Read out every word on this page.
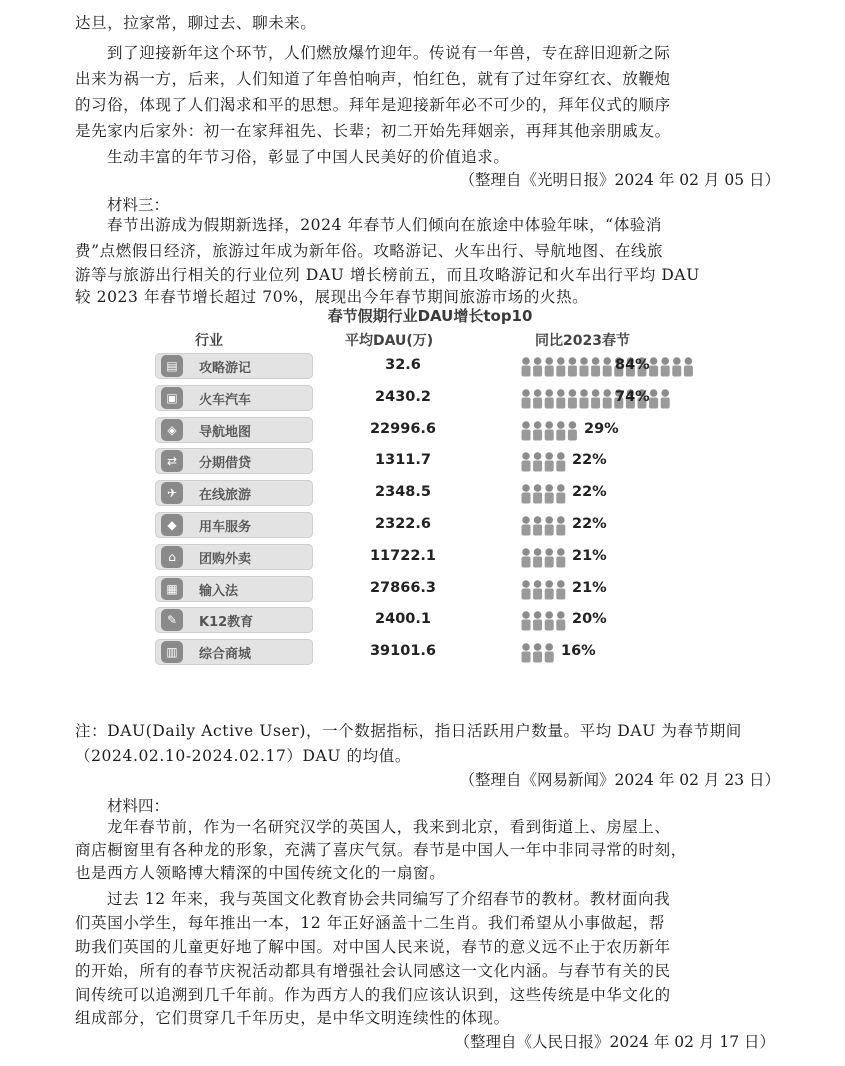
达旦，拉家常，聊过去、聊未来。
到了迎接新年这个环节，人们燃放爆竹迎年。传说有一年兽，专在辞旧迎新之际
出来为祸一方，后来，人们知道了年兽怕响声，怕红色，就有了过年穿红衣、放鞭炮
的习俗，体现了人们渴求和平的思想。拜年是迎接新年必不可少的，拜年仪式的顺序
是先家内后家外：初一在家拜祖先、长辈；初二开始先拜姻亲，再拜其他亲朋戚友。
生动丰富的年节习俗，彰显了中国人民美好的价值追求。
（整理自《光明日报》2024 年 02 月 05 日）
材料三：
春节出游成为假期新选择，2024 年春节人们倾向在旅途中体验年味，“体验消
费”点燃假日经济，旅游过年成为新年俗。攻略游记、火车出行、导航地图、在线旅
游等与旅游出行相关的行业位列 DAU 增长榜前五，而且攻略游记和火车出行平均 DAU
较 2023 年春节增长超过 70%，展现出今年春节期间旅游市场的火热。
春节假期行业DAU增长top10
行业	平均DAU(万)	同比2023春节
▤	攻略游记	32.6	84%
▣	火车汽车	2430.2	74%
◈	导航地图	22996.6	29%
⇄	分期借贷	1311.7	22%
✈	在线旅游	2348.5	22%
◆	用车服务	2322.6	22%
⌂	团购外卖	11722.1	21%
▦	输入法	27866.3	21%
✎	K12教育	2400.1	20%
▥	综合商城	39101.6	16%
注：DAU(Daily Active User)，一个数据指标，指日活跃用户数量。平均 DAU 为春节期间
（2024.02.10-2024.02.17）DAU 的均值。
（整理自《网易新闻》2024 年 02 月 23 日）
材料四：
龙年春节前，作为一名研究汉学的英国人，我来到北京，看到街道上、房屋上、
商店橱窗里有各种龙的形象，充满了喜庆气氛。春节是中国人一年中非同寻常的时刻，
也是西方人领略博大精深的中国传统文化的一扇窗。
过去 12 年来，我与英国文化教育协会共同编写了介绍春节的教材。教材面向我
们英国小学生，每年推出一本，12 年正好涵盖十二生肖。我们希望从小事做起，帮
助我们英国的儿童更好地了解中国。对中国人民来说，春节的意义远不止于农历新年
的开始，所有的春节庆祝活动都具有增强社会认同感这一文化内涵。与春节有关的民
间传统可以追溯到几千年前。作为西方人的我们应该认识到，这些传统是中华文化的
组成部分，它们贯穿几千年历史，是中华文明连续性的体现。
（整理自《人民日报》2024 年 02 月 17 日）
